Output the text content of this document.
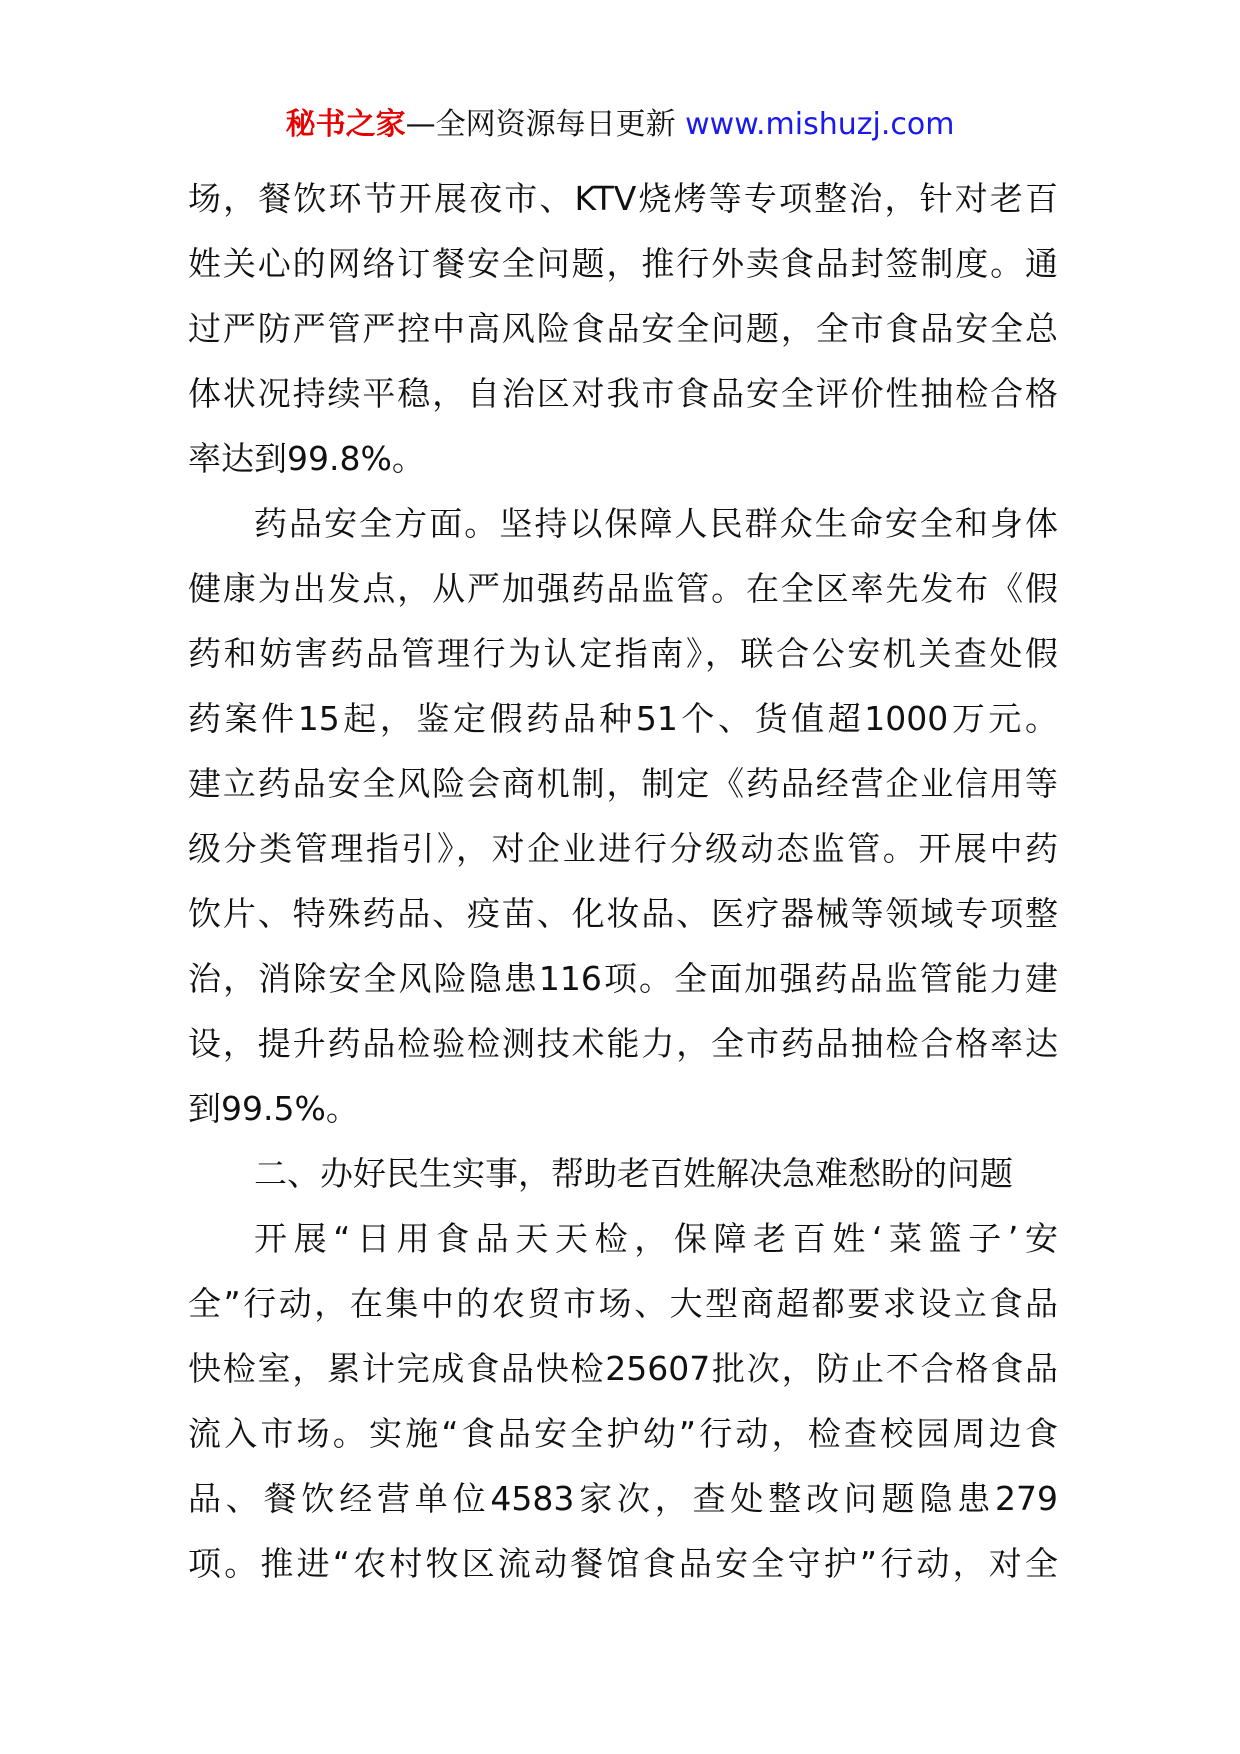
秘书之家—全网资源每日更新 www.mishuzj.com
场，餐饮环节开展夜市、KTV烧烤等专项整治，针对老百
姓关心的网络订餐安全问题，推行外卖食品封签制度。通
过严防严管严控中高风险食品安全问题，全市食品安全总
体状况持续平稳，自治区对我市食品安全评价性抽检合格
率达到99.8%。
药品安全方面。坚持以保障人民群众生命安全和身体
健康为出发点，从严加强药品监管。在全区率先发布《假
药和妨害药品管理行为认定指南》，联合公安机关查处假
药案件15起，鉴定假药品种51个、货值超1000万元。
建立药品安全风险会商机制，制定《药品经营企业信用等
级分类管理指引》，对企业进行分级动态监管。开展中药
饮片、特殊药品、疫苗、化妆品、医疗器械等领域专项整
治，消除安全风险隐患116项。全面加强药品监管能力建
设，提升药品检验检测技术能力，全市药品抽检合格率达
到99.5%。
二、办好民生实事，帮助老百姓解决急难愁盼的问题
开展“日用食品天天检，保障老百姓‘菜篮子’安
全”行动，在集中的农贸市场、大型商超都要求设立食品
快检室，累计完成食品快检25607批次，防止不合格食品
流入市场。实施“食品安全护幼”行动，检查校园周边食
品、餐饮经营单位4583家次，查处整改问题隐患279
项。推进“农村牧区流动餐馆食品安全守护”行动，对全
